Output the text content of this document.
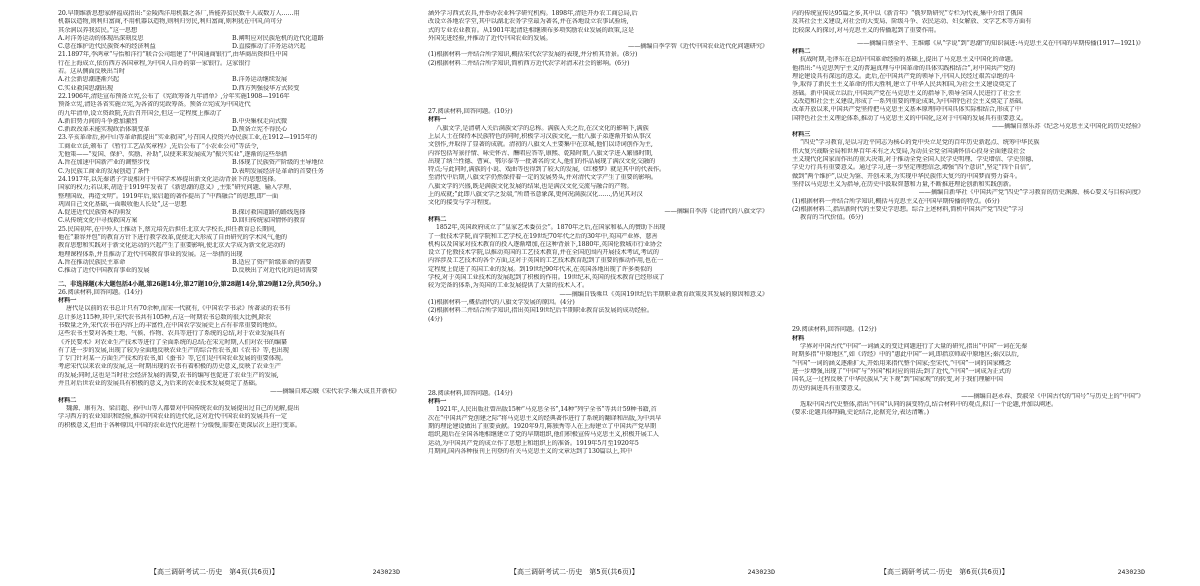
20.早期维新思想家薛福成指出:“金陵西洋用机器之各厂,皆能养贫民数千人或数万人……用
机器以造物,则利归富商,不用机器以造物,则利归穷民,利归富商,则利犹在中国,尚可分
其余润以养我贫民。”这一思想
A.对洋务运动的体现出深刻反思	B.阐明应对民族危机的近代化道路
C.意在维护近代民族资本的经济利益	D.直接推动了洋务运动兴起
21.1897年,李鸿章“与怡和洋行”联合公司组建了“中国通商银行”,由华商出资担任中国
行在上海成立,依仿西方各国章程,为中国人自办的第一家银行。这家银行
若。这从侧面反映出当时
A.社会新思潮逐渐兴起	B.洋务运动继续发展
C.实业救国思潮出现	D.西方列强侵华方式转变
22.1906年,清廷宣布预备立宪,公布了《宪政筹备九年清单》,分年实施1908—1916年
预备立宪,清廷各省实施立宪,为各省的宪政筹备。预备立宪成为中国近代
的九年清单,设立资政院,先后召开国会,但这一定程度上推动了
A.新旧势力间的斗争愈加激烈	B.中央集权走向式微
C.新政改革未能实现政治体制变革	D.预备立宪不得民心
23.辛亥革命后,孙中山等革命派提出“实业救国”,号召国人投资兴办民族工业,在1912—1915年的
工商业立法,颁布了《暂行工艺品奖章程》,先后公布了“小农业公司”等法令,
无他策——“爱国、保护、奖励、补助”,以使来来发展成为“振兴实业”,逐渐的这些举措
A.旨在加速中国新产业的调整步伐	B.体现了民族资产阶级的主导地位
C.为民族工商业的发展创造了条件	D.表明发展经济是革命的首要任务
24.1917年,以先秦诸子学说相对于中国学术界提出新文化运动背景下的思想选择。
国家的权力;若以来,胡适于1919年发表了《新思潮的意义》,主张“研究问题、输入学理、
整理国故、再造文明”。1919年后,梁启超的著作提出了“中西融合”的思想,即“一面
巩固自己文化基础,一面吸收他人长处”,这一思想
A.促进近代民族资本的萌发	B.探讨救国道路的路线选择
C.从传统文化中寻找救国方案	D.回归传统家国情怀的教育
25.民国初年,在中外人士推动下,蔡元培先后担任北京大学校长,担任教育总长期间,
他在“兼容并包”的教育方针下进行教学改革,促使北大形成了自由研究的学术风气,他的
教育思想和实践对于新文化运动的兴起产生了重要影响,使北京大学成为新文化运动的
地理课程体系,并且推动了近代中国教育事业的发展。这一举措的出现
A.旨在推动民族民主革命	B.适应了资产阶级革命的需要
C.推动了近代中国教育事业的发展	D.反映出了对近代化的迫切需要
二、非选择题(本大题包括4小题,第26题14分,第27题10分,第28题14分,第29题12分,共50分。)
26.阅读材料,回答问题。(14分)
材料一
唐代是以前的农书总计只有70余种,而宋一代就有,《中国农学书录》所著录的农书有
总计多达115种,其中,宋代农书共有105种,占这一时期农书总数的很大比例,除农
书数量之外,宋代农书在内容上的丰富性,在中国农学发展史上占有非常重要的地位。
这些农书主要对各类土地、气候、作物、农具等进行了系统的总结,对于农业发展具有
《齐民要术》对农业生产技术等进行了全面系统的总结;在宋元时期,人们对农书的编纂
有了进一步的发展,出现了较为全面地反映农业生产的综合性农书,如《农书》等,也出现
了专门针对某一方面生产技术的农书,如《蚕书》等,它们是中国农业发展的重要体现。
考虑宋代以来农业的发展,这一时期出现的农书有着积极的历史意义,反映了农业生产
的发展;同时,这也是当时社会经济发展的需要,农书的编写也促进了农业生产的发展,
并且对后世农业的发展具有积极的意义,为后来的农业技术发展奠定了基础。
——摘编自郑志娥《宋代农学:集大成且开新枝》
材料二
魏源、康有为、梁启超、孙中山等人都曾对中国传统农业的发展提出过自己的见解,提出
学习西方的农业知识和经验,推动中国农业的近代化,这对近代中国农业的发展具有一定
的积极意义,但由于各种原因,中国的农业近代化进程十分缓慢,需要在更深层次上进行变革。
涵外学习西式农具,并举办农业科学研究机构。1898年,清廷开办农工商总局,后
改设立各地农学堂,其中以湖北农务学堂最为著名,并在各地设立农事试验场,
式的专业农业教育。从1901年起清廷相继颁布多项奖励农业发展的政策,这是
外国先进经验,并推动了近代中国农业的发展。
——摘编自李学智《近代中国农业近代化问题研究》
(1)根据材料一并结合所学知识,概括宋代农学发展的表现,并分析其背景。(8分)
(2)根据材料二并结合所学知识,简析西方近代农学对清末社会的影响。(6分)
27.阅读材料,回答问题。(10分)
材料一
八旗文学,是清朝入关后满族文学的总称。满族入关之后,在汉文化的影响下,满族
上层人士在保持本民族特色的同时,积极学习汉族文化,一批八旗子弟逐渐开始从事汉
文创作,并取得了显著的成就。清初的八旗文人主要集中在京城,他们以诗词创作为主,
内容包括写景抒情、咏史怀古、酬唱应答等,康熙、乾隆时期,八旗文学进入繁盛时期,
出现了纳兰性德、曹寅、鄂尔泰等一批著名的文人,他们的作品展现了满汉文化交融的
特点;与此同时,满族的小说、戏曲等也得到了较大的发展,《红楼梦》就是其中的代表作。
至清代中后期,八旗文学仍然保持着一定的发展势头,并对清代文学产生了重要的影响。
八旗文学的兴盛,既是满族文化发展的结果,也是满汉文化交流与融合的产物。
上的成就;”此即八旗文学之发端,“所谓书意象深,更何况满族汉化……,仍见其对汉
文化的接受与学习程度。
——摘编自李涛《论清代的八旗文学》
材料二
1852年,英国政府成立了“皇家艺术委员会”。1870年之后,在国家和私人的赞助下出现
了一批技术学院,而学院和工艺学校,在19世纪70年代之后的30年中,英国产业界、慈善
机构以及国家对技术教育的投入逐渐增加,在这种背景下,1880年,英国伦敦城市行业协会
设立了伦敦技术学院,以推动英国的工艺技术教育,并在全国范围内开展技术考试,考试的
内容涉及工艺技术的各个方面,这对于英国的工艺技术教育起到了重要的推动作用,也在一
定程度上促进了英国工业的发展。到19世纪90年代末,在英国各地出现了许多类似的
学校,对于英国工业技术的发展起到了积极的作用。19世纪末,英国的技术教育已经形成了
较为完备的体系,为英国的工业发展提供了大量的技术人才。
——摘编自钱乘旦《英国19世纪后半期职业教育政策及其发展的原因和意义》
(1)根据材料一,概括清代的八旗文学发展的原因。(4分)
(2)根据材料二并结合所学知识,指出英国19世纪后半期职业教育法发展的成功经验。
(4分)
28.阅读材料,回答问题。(14分)
材料一
1921年,人民出版社曾出版15种“马克思全书”,14种“列宁全书”等共计59种书籍,首
次在“中国共产党创建之际”将马克思主义的经典著作进行了系统的翻译和出版,为中共早
期的理论建设做出了重要贡献。1920年9月,陈独秀等人在上海建立了中国共产党早期
组织,随后在全国各地相继建立了党的早期组织,他们积极宣传马克思主义,积极开展工人
运动,为中国共产党的成立作了思想上和组织上的准备。1919年5月至1920年5
月期间,国内各种报刊上刊登的有关马克思主义的文章达到了130篇以上,其中
内的传统宣传达95篇之多,其中以《新青年》“俄罗斯研究”专栏为代表,集中介绍了俄国
及其社会主义建设,对社会的大变局、阶级斗争、农民运动、妇女解放、文学艺术等方面有
比较深入的探讨,对马克思主义的传播起到了重要作用。
——摘编自蔡全平、王维娜《从“学说”到“思潮”的知识演进:马克思主义在中国的早期传播(1917—1921)》
材料二
抗战时期,毛泽东在总结中国革命经验的基础上,提出了马克思主义中国化的命题。
他指出:“马克思列宁主义的普遍真理与中国革命的具体实践相结合”,对中国共产党的
理论建设具有深远的意义。此后,在中国共产党的领导下,中国人民经过艰苦卓绝的斗
争,取得了新民主主义革命的伟大胜利,建立了中华人民共和国,为社会主义建设奠定了
基础。新中国成立以后,中国共产党在马克思主义的指导下,领导全国人民进行了社会主
义改造和社会主义建设,形成了一系列重要的理论成果,为中国特色社会主义奠定了基础。
改革开放以来,中国共产党坚持把马克思主义基本原理同中国具体实际相结合,形成了中
国特色社会主义理论体系,推动了马克思主义的中国化,这对于中国的发展具有重要意义。
——摘编自蔡乐苏《纪念马克思主义中国化的历史经验》
材料三
“四史”学习教育,是以习近平同志为核心的党中央立足党的百年历史新起点、统筹中华民族
伟大复兴战略全局和世界百年未有之大变局,为动员全党全国满怀信心投身全面建设社会
主义现代化国家而作出的重大决策,对于推动全党全国人民学史明理、学史增信、学史崇德、
学史力行具有重要意义。通过学习,进一步坚定理想信念,增强“四个意识”,坚定“四个自信”,
做到“两个维护”,以史为鉴、开创未来,为实现中华民族伟大复兴的中国梦而努力奋斗。
坚持以马克思主义为指导,在历史中汲取智慧和力量,不断推进理论创新和实践创新。
——摘编自新华社《中国共产党“四史”学习教育的历史渊源、核心要义与目标向度》
(1)根据材料一并结合所学知识,概括马克思主义在中国早期传播的特点。(6分)
(2)根据材料二,指出新时代的主要史学思想。综合上述材料,简析中国共产党“四史”学习
教育的当代价值。(6分)
29.阅读材料,回答问题。(12分)
材料
学界对中国古代“中国”一词涵义的变迁问题进行了大量的研究,指出“中国”一词在先秦
时期多指“中原地区”,如《诗经》中的“惠此中国”一词,即指京师或中原地区;秦汉以后,
“中国”一词的涵义逐渐扩大,开始用来指代整个国家;至宋代,“中国”一词的国家概念
进一步增强,出现了“中国”与“外国”相对应的用法;到了近代,“中国”一词成为正式的
国名,这一过程反映了中华民族从“天下观”到“国家观”的转变,对于我们理解中国
历史的演进具有重要意义。
——摘编自赵永春、贾淑荣《中国古代的“国号”与历史上的“中国”》
选取中国古代史整体,指出“中国”认同的演变特点,结合材料中的观点,拟订一个论题,并加以阐述。
(要求:论题具体明确,史论结合,论据充分,表达清晰。)
【高三调研考试二·历史　第4页(共6页)】	243023D	【高三调研考试二·历史　第5页(共6页)】	243023D	【高三调研考试二·历史　第6页(共6页)】	243023D
